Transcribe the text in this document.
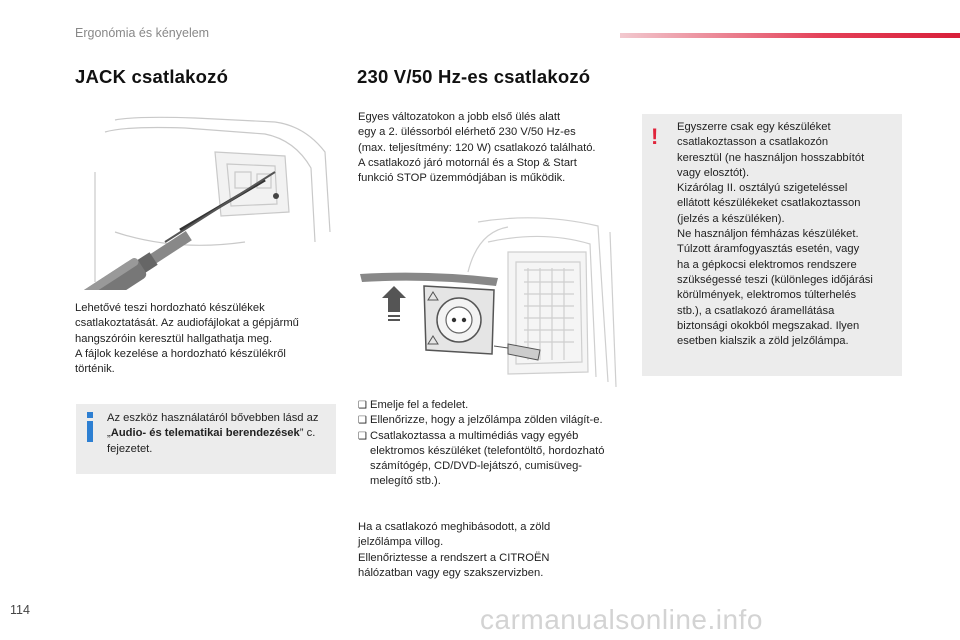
Ergonómia és kényelem
JACK csatlakozó
Lehetővé teszi hordozható készülékek
csatlakoztatását. Az audiofájlokat a gépjármű
hangszóróin keresztül hallgathatja meg.
A fájlok kezelése a hordozható készülékről
történik.
Az eszköz használatáról bővebben lásd az „Audio- és telematikai berendezések” c. fejezetet.
230 V/50 Hz-es csatlakozó
Egyes változatokon a jobb első ülés alatt
egy a 2. üléssorból elérhető 230 V/50 Hz-es
(max. teljesítmény: 120 W) csatlakozó található.
A csatlakozó járó motornál és a Stop & Start
funkció STOP üzemmódjában is működik.
❑ Emelje fel a fedelet.
❑ Ellenőrizze, hogy a jelzőlámpa zölden világít-e.
❑ Csatlakoztassa a multimédiás vagy egyéb elektromos készüléket (telefontöltő, hordozható számítógép, CD/DVD-lejátszó, cumisüveg-melegítő stb.).
Ha a csatlakozó meghibásodott, a zöld
jelzőlámpa villog.
Ellenőriztesse a rendszert a CITROËN
hálózatban vagy egy szakszervizben.
! Egyszerre csak egy készüléket
csatlakoztasson a csatlakozón
keresztül (ne használjon hosszabbítót
vagy elosztót).
Kizárólag II. osztályú szigeteléssel
ellátott készülékeket csatlakoztasson
(jelzés a készüléken).
Ne használjon fémházas készüléket.
Túlzott áramfogyasztás esetén, vagy
ha a gépkocsi elektromos rendszere
szükségessé teszi (különleges időjárási
körülmények, elektromos túlterhelés
stb.), a csatlakozó áramellátása
biztonsági okokból megszakad. Ilyen
esetben kialszik a zöld jelzőlámpa.
114	carmanualsonline.info
